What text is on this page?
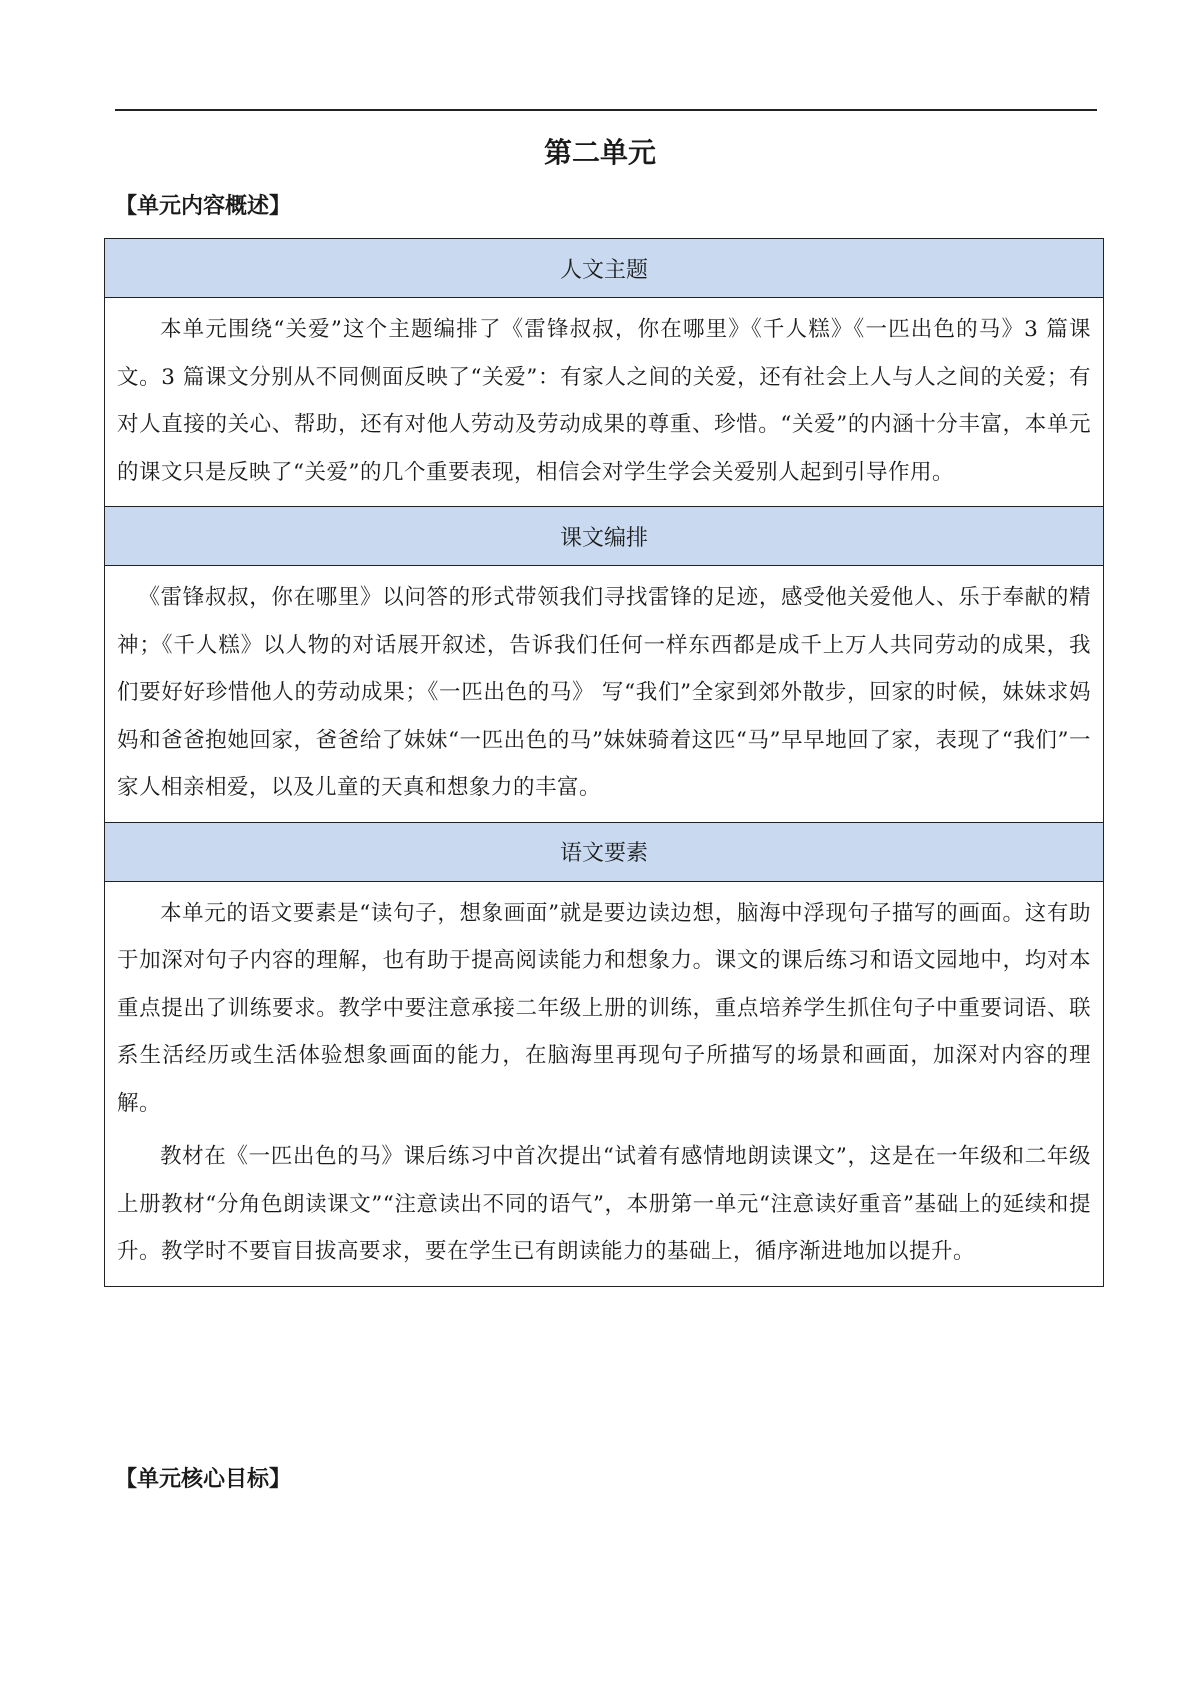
第二单元
【单元内容概述】
人文主题

本单元围绕“关爱”这个主题编排了《雷锋叔叔，你在哪里》《千人糕》《一匹出色的马》3 篇课文。3 篇课文分别从不同侧面反映了“关爱”：有家人之间的关爱，还有社会上人与人之间的关爱；有对人直接的关心、帮助，还有对他人劳动及劳动成果的尊重、珍惜。“关爱”的内涵十分丰富，本单元的课文只是反映了“关爱”的几个重要表现，相信会对学生学会关爱别人起到引导作用。

课文编排

《雷锋叔叔，你在哪里》以问答的形式带领我们寻找雷锋的足迹，感受他关爱他人、乐于奉献的精神；《千人糕》以人物的对话展开叙述，告诉我们任何一样东西都是成千上万人共同劳动的成果，我们要好好珍惜他人的劳动成果；《一匹出色的马》 写“我们”全家到郊外散步，回家的时候，妹妹求妈妈和爸爸抱她回家，爸爸给了妹妹“一匹出色的马”妹妹骑着这匹“马”早早地回了家，表现了“我们”一家人相亲相爱，以及儿童的天真和想象力的丰富。

语文要素

本单元的语文要素是“读句子，想象画面”就是要边读边想，脑海中浮现句子描写的画面。这有助于加深对句子内容的理解，也有助于提高阅读能力和想象力。课文的课后练习和语文园地中，均对本重点提出了训练要求。教学中要注意承接二年级上册的训练，重点培养学生抓住句子中重要词语、联系生活经历或生活体验想象画面的能力，在脑海里再现句子所描写的场景和画面，加深对内容的理解。

教材在《一匹出色的马》课后练习中首次提出“试着有感情地朗读课文”，这是在一年级和二年级上册教材“分角色朗读课文”“注意读出不同的语气”，本册第一单元“注意读好重音”基础上的延续和提升。教学时不要盲目拔高要求，要在学生已有朗读能力的基础上，循序渐进地加以提升。

【单元核心目标】
